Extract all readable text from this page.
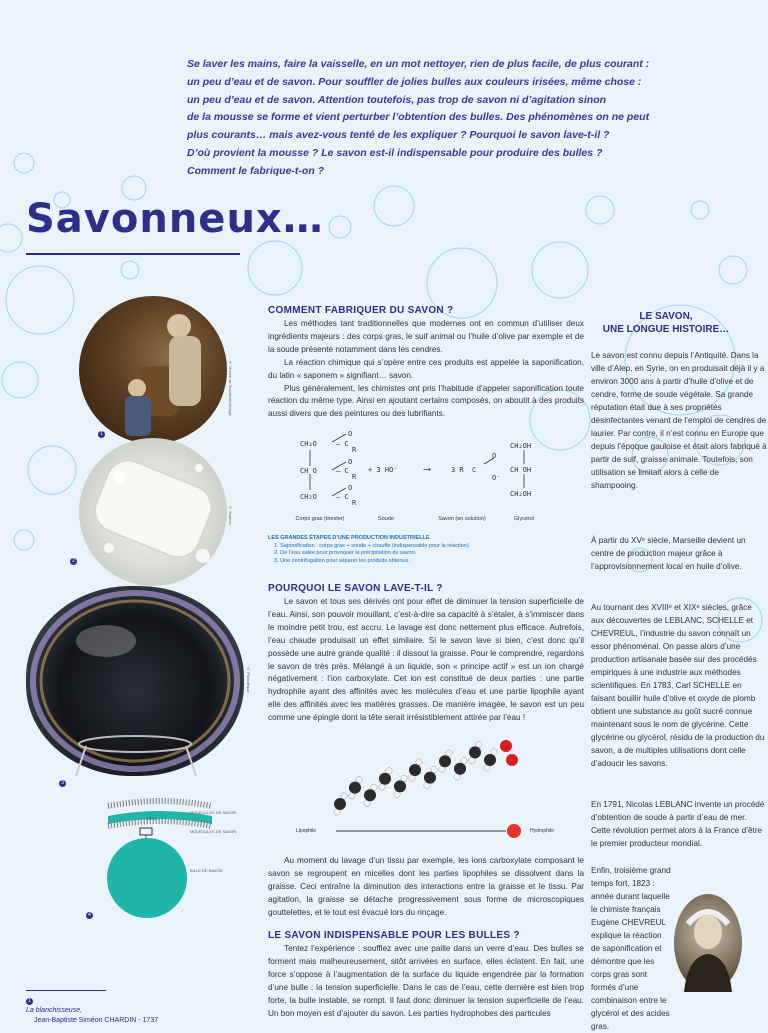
Se laver les mains, faire la vaisselle, en un mot nettoyer, rien de plus facile, de plus courant :
un peu d’eau et de savon. Pour souffler de jolies bulles aux couleurs irisées, même chose :
un peu d’eau et de savon. Attention toutefois, pas trop de savon ni d’agitation sinon
de la mousse se forme et vient perturber l’obtention des bulles. Des phénomènes on ne peut
plus courants… mais avez-vous tenté de les expliquer ? Pourquoi le savon lave-t-il ?
D’où provient la mousse ? Le savon est-il indispensable pour produire des bulles ?
Comment le fabrique-t-on ?
Savonneux…
MOLÉCULES DE SAVON
TISSU
MOLÉCULES DE SAVON
BILLE DE SAVON
© Musée de Stockholm/Image
© Sodeva
© Phototèque
1
2
3
4
COMMENT FABRIQUER DU SAVON ?

Les méthodes tant traditionnelles que modernes ont en commun d’utiliser deux ingrédients majeurs : des corps gras, le suif animal ou l’huile d’olive par exemple et de la soude présente notamment dans les cendres.

La réaction chimique qui s’opère entre ces produits est appelée la saponification, du latin « saponem » signifiant… savon.

Plus généralement, les chimistes ont pris l’habitude d’appeler saponification toute réaction du même type. Ainsi en ajoutant certains composés, on aboutit à des produits aussi divers que des peintures ou des lubrifiants.

CH₂O
CH O
CH₂O
— C
O
R
— C
O
R
— C
O
R
+ 3 HO⁻	⟶	3 R C
O
O⁻
CH₂OH
CH OH
CH₂OH
Corps gras (triester)	Soude	Savon (en solution)	Glycérol
LES GRANDES ÉTAPES D’UNE PRODUCTION INDUSTRIELLE
1. Saponification : corps gras + soude + chauffe (indispensable pour la réaction).
2. De l’eau salée pour provoquer la précipitation du savon.
3. Une centrifugation pour séparer les produits obtenus.
POURQUOI LE SAVON LAVE-T-IL ?

Le savon et tous ses dérivés ont pour effet de diminuer la tension superficielle de l’eau. Ainsi, son pouvoir mouillant, c’est-à-dire sa capacité à s’étaler, à s’immiscer dans le moindre petit trou, est accru. Le lavage est donc nettement plus efficace. Autrefois, l’eau chaude produisait un effet similaire. Si le savon lave si bien, c’est donc qu’il possède une autre grande qualité : il dissout la graisse. Pour le comprendre, regardons le savon de très près. Mélangé à un liquide, son « principe actif » est un ion chargé négativement : l’ion carboxylate. Cet ion est constitué de deux parties : une partie hydrophile ayant des affinités avec les molécules d’eau et une partie lipophile ayant elle des affinités avec les matières grasses. De manière imagée, le savon est un peu comme une épingle dont la tête serait irrésistiblement attirée par l’eau !

Lipophile	Hydrophile

Au moment du lavage d’un tissu par exemple, les ions carboxylate composant le savon se regroupent en micelles dont les parties lipophiles se dissolvent dans la graisse. Ceci entraîne la diminution des interactions entre la graisse et le tissu. Par agitation, la graisse se détache progressivement sous forme de microscopiques gouttelettes, et le tout est évacué lors du rinçage.

LE SAVON INDISPENSABLE POUR LES BULLES ?

Tentez l’expérience : soufflez avec une paille dans un verre d’eau. Des bulles se forment mais malheureusement, sitôt arrivées en surface, elles éclatent. En fait, une force s’oppose à l’augmentation de la surface du liquide engendrée par la formation d’une bulle : la tension superficielle. Dans le cas de l’eau, cette dernière est bien trop forte, la bulle instable, se rompt. Il faut donc diminuer la tension superficielle de l’eau. Un bon moyen est d’ajouter du savon. Les parties hydrophobes des particules

LE SAVON,
UNE LONGUE HISTOIRE…
Le savon est connu depuis l’Antiquité. Dans la ville d’Alep, en Syrie, on en produisait déjà il y a environ 3000 ans à partir d’huile d’olive et de cendre, forme de soude végétale. Sa grande réputation était due à ses propriétés désinfectantes venant de l’emploi de cendres de laurier. Par contre, il n’est connu en Europe que depuis l’époque gauloise et était alors fabriqué à partir de suif, graisse animale. Toutefois, son utilisation se limitait alors à celle de shampooing.
À partir du XVᵉ siècle, Marseille devient un centre de production majeur grâce à l’approvisionnement local en huile d’olive.
Au tournant des XVIIIᵉ et XIXᵉ siècles, grâce aux découvertes de LEBLANC, SCHELLE et CHEVREUL, l’industrie du savon connaît un essor phénoménal. On passe alors d’une production artisanale basée sur des procédés empiriques à une industrie aux méthodes scientifiques. En 1783, Carl SCHELLE en faisant bouillir huile d’olive et oxyde de plomb obtient une substance au goût sucré connue maintenant sous le nom de glycérine. Cette glycérine ou glycérol, résidu de la production du savon, a de multiples utilisations dont celle d’adoucir les savons.
En 1791, Nicolas LEBLANC invente un procédé d’obtention de soude à partir d’eau de mer. Cette révolution permet alors à la France d’être le premier producteur mondial.
Enfin, troisième grand temps fort, 1823 : année durant laquelle le chimiste français Eugène CHEVREUL explique la réaction de saponification et démontre que les corps gras sont formés d’une combinaison entre le glycérol et des acides gras.
1
La blanchisseuse,
Jean-Baptiste Siméon CHARDIN - 1737
